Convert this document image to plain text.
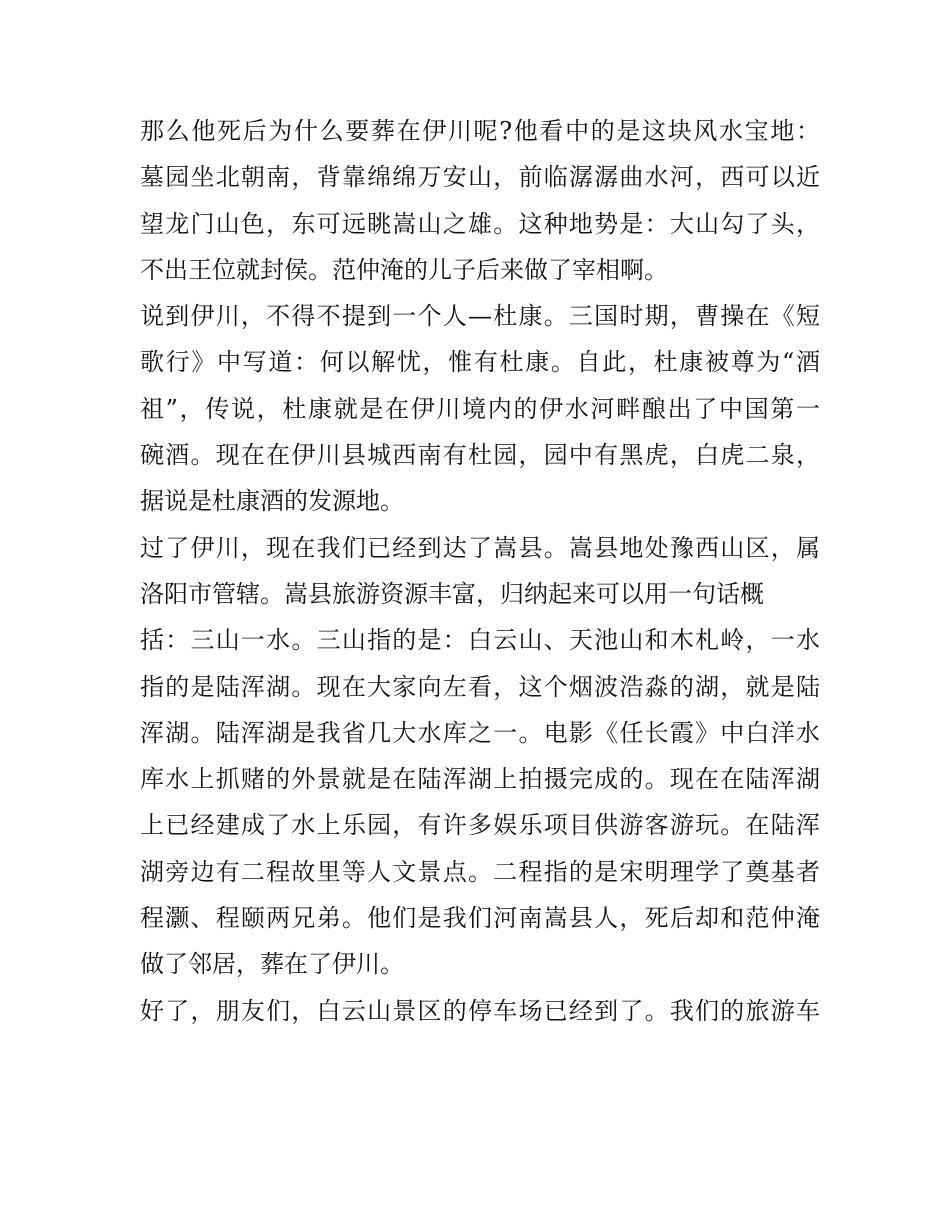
那么他死后为什么要葬在伊川呢?他看中的是这块风水宝地：
墓园坐北朝南，背靠绵绵万安山，前临潺潺曲水河，西可以近
望龙门山色，东可远眺嵩山之雄。这种地势是：大山勾了头，
不出王位就封侯。范仲淹的儿子后来做了宰相啊。
说到伊川，不得不提到一个人—杜康。三国时期，曹操在《短
歌行》中写道：何以解忧，惟有杜康。自此，杜康被尊为“酒
祖”，传说，杜康就是在伊川境内的伊水河畔酿出了中国第一
碗酒。现在在伊川县城西南有杜园，园中有黑虎，白虎二泉，
据说是杜康酒的发源地。
过了伊川，现在我们已经到达了嵩县。嵩县地处豫西山区，属
洛阳市管辖。嵩县旅游资源丰富，归纳起来可以用一句话概
括：三山一水。三山指的是：白云山、天池山和木札岭，一水
指的是陆浑湖。现在大家向左看，这个烟波浩淼的湖，就是陆
浑湖。陆浑湖是我省几大水库之一。电影《任长霞》中白洋水
库水上抓赌的外景就是在陆浑湖上拍摄完成的。现在在陆浑湖
上已经建成了水上乐园，有许多娱乐项目供游客游玩。在陆浑
湖旁边有二程故里等人文景点。二程指的是宋明理学了奠基者
程灏、程颐两兄弟。他们是我们河南嵩县人，死后却和范仲淹
做了邻居，葬在了伊川。
好了，朋友们，白云山景区的停车场已经到了。我们的旅游车
